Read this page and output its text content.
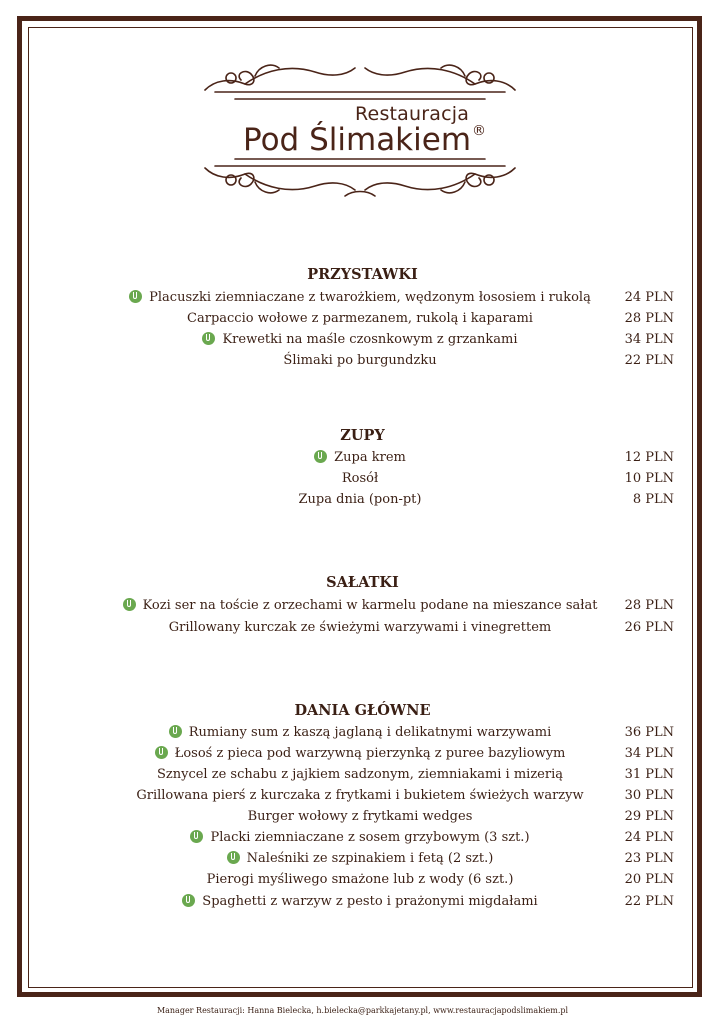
Restauracja
Pod Ślimakiem®
PRZYSTAWKI
Placuszki ziemniaczane z twarożkiem, wędzonym łososiem i rukolą	24 PLN
Carpaccio wołowe z parmezanem, rukolą i kaparami	28 PLN
Krewetki na maśle czosnkowym z grzankami	34 PLN
Ślimaki po burgundzku	22 PLN
ZUPY
Zupa krem	12 PLN
Rosół	10 PLN
Zupa dnia (pon-pt)	8 PLN
SAŁATKI
Kozi ser na toście z orzechami w karmelu podane na mieszance sałat	28 PLN
Grillowany kurczak ze świeżymi warzywami i vinegrettem	26 PLN
DANIA GŁÓWNE
Rumiany sum z kaszą jaglaną i delikatnymi warzywami	36 PLN
Łosoś z pieca pod warzywną pierzynką z puree bazyliowym	34 PLN
Sznycel ze schabu z jajkiem sadzonym, ziemniakami i mizerią	31 PLN
Grillowana pierś z kurczaka z frytkami i bukietem świeżych warzyw	30 PLN
Burger wołowy z frytkami wedges	29 PLN
Placki ziemniaczane z sosem grzybowym (3 szt.)	24 PLN
Naleśniki ze szpinakiem i fetą (2 szt.)	23 PLN
Pierogi myśliwego smażone lub z wody (6 szt.)	20 PLN
Spaghetti z warzyw z pesto i prażonymi migdałami	22 PLN
Manager Restauracji: Hanna Bielecka, h.bielecka@parkkajetany.pl, www.restauracjapodslimakiem.pl
